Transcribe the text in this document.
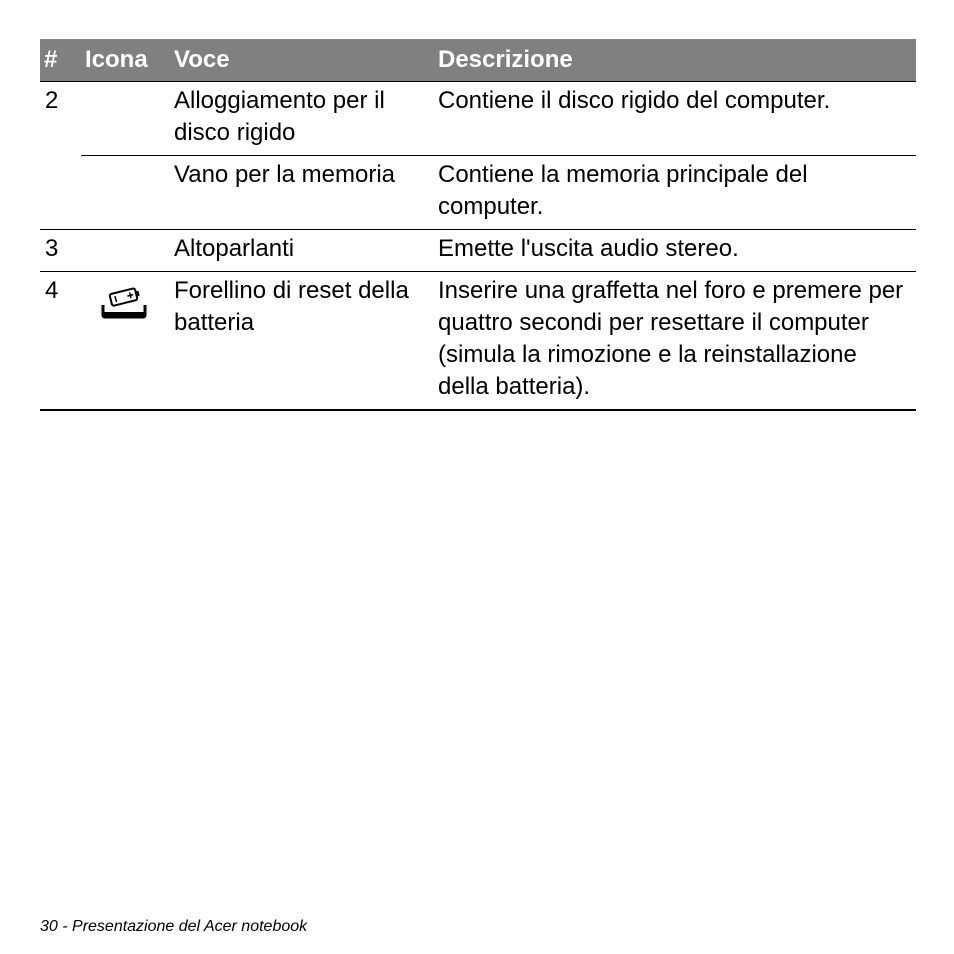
#	Icona	Voce	Descrizione
2		Alloggiamento per il disco rigido	Contiene il disco rigido del computer.
		Vano per la memoria	Contiene la memoria principale del computer.
3		Altoparlanti	Emette l'uscita audio stereo.
4		Forellino di reset della batteria	Inserire una graffetta nel foro e premere per quattro secondi per resettare il computer (simula la rimozione e la reinstallazione della batteria).
30 - Presentazione del Acer notebook
